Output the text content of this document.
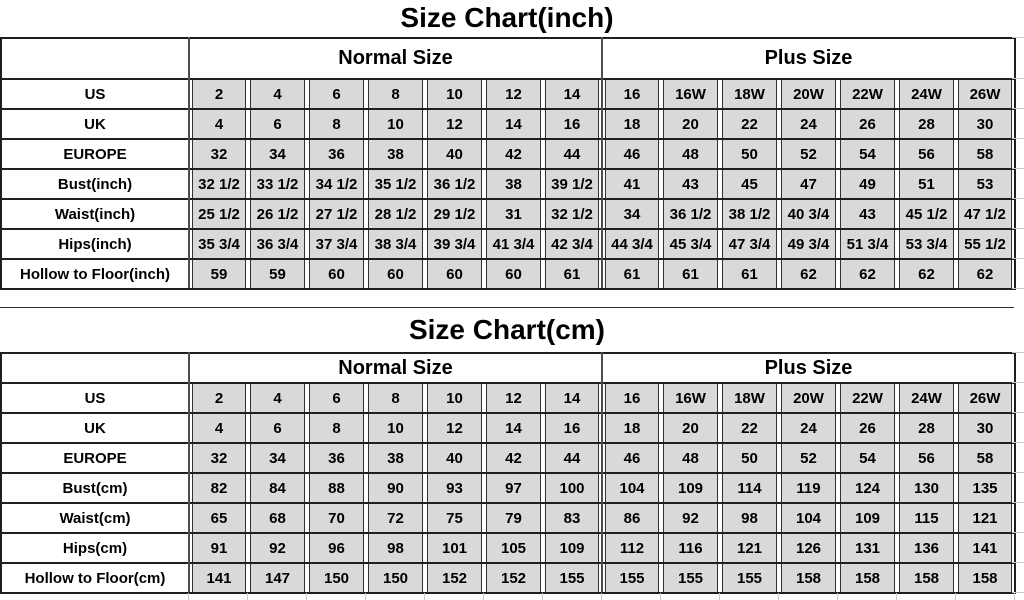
Size Chart(inch)
	Normal Size							Plus Size						
US	2	4	6	8	10	12	14	16	16W	18W	20W	22W	24W	26W

UK	4	6	8	10	12	14	16	18	20	22	24	26	28	30

EUROPE	32	34	36	38	40	42	44	46	48	50	52	54	56	58

Bust(inch)	32 1/2	33 1/2	34 1/2	35 1/2	36 1/2	38	39 1/2	41	43	45	47	49	51	53

Waist(inch)	25 1/2	26 1/2	27 1/2	28 1/2	29 1/2	31	32 1/2	34	36 1/2	38 1/2	40 3/4	43	45 1/2	47 1/2

Hips(inch)	35 3/4	36 3/4	37 3/4	38 3/4	39 3/4	41 3/4	42 3/4	44 3/4	45 3/4	47 3/4	49 3/4	51 3/4	53 3/4	55 1/2

Hollow to Floor(inch)	59	59	60	60	60	60	61	61	61	61	62	62	62	62
Size Chart(cm)
	Normal Size							Plus Size						
US	2	4	6	8	10	12	14	16	16W	18W	20W	22W	24W	26W

UK	4	6	8	10	12	14	16	18	20	22	24	26	28	30

EUROPE	32	34	36	38	40	42	44	46	48	50	52	54	56	58

Bust(cm)	82	84	88	90	93	97	100	104	109	114	119	124	130	135

Waist(cm)	65	68	70	72	75	79	83	86	92	98	104	109	115	121

Hips(cm)	91	92	96	98	101	105	109	112	116	121	126	131	136	141

Hollow to Floor(cm)	141	147	150	150	152	152	155	155	155	155	158	158	158	158
